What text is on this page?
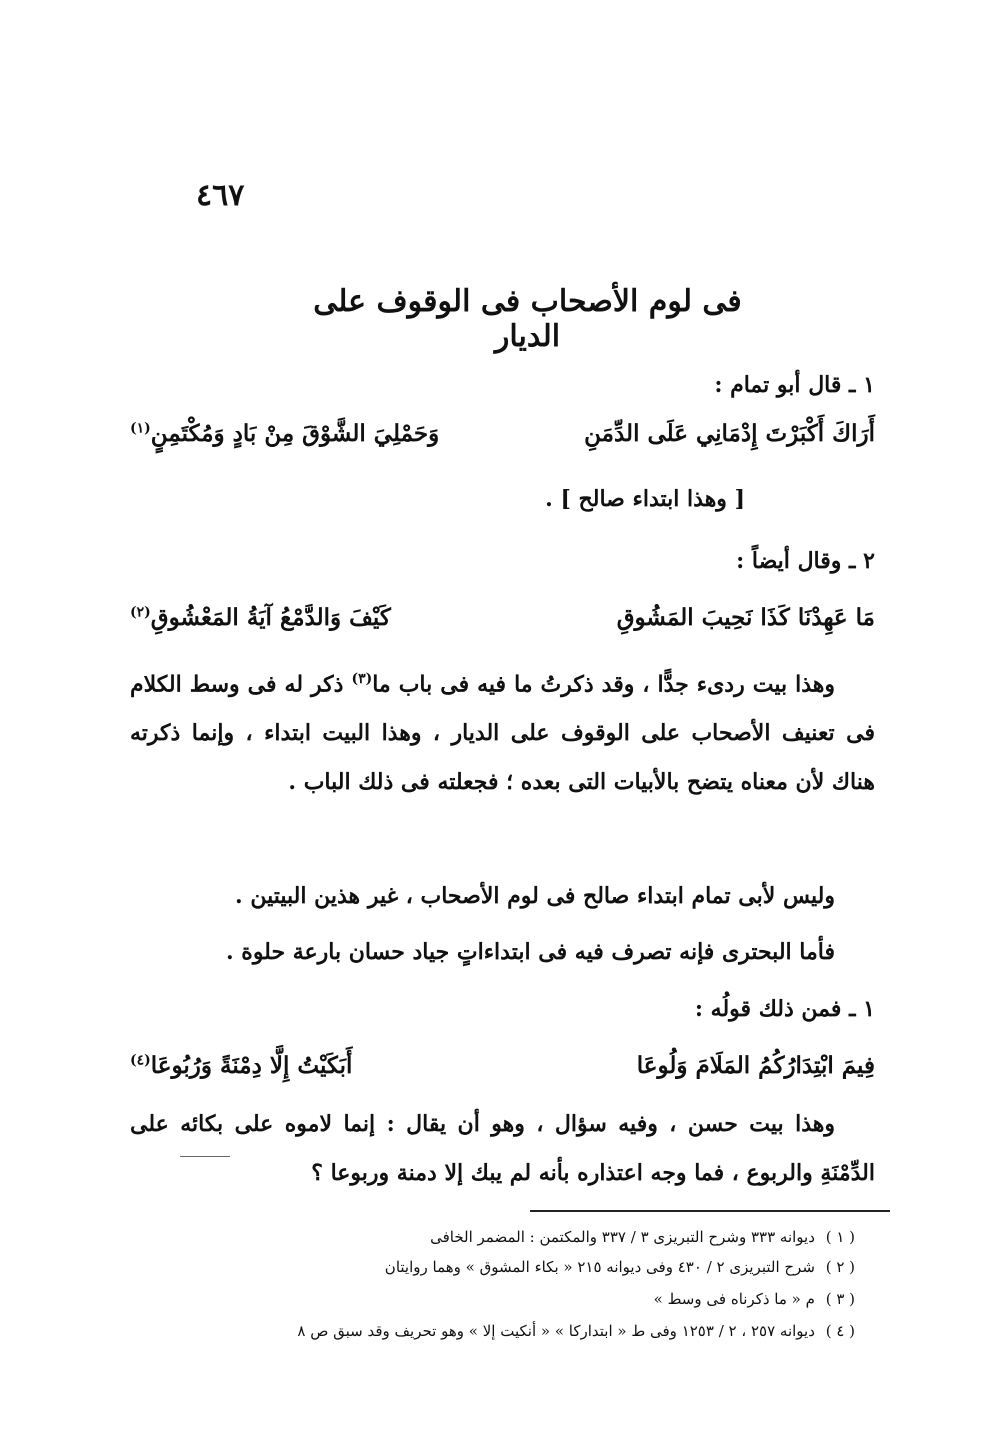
٤٦٧
فى لوم الأصحاب فى الوقوف على الديار
١ ـ قال أبو تمام :
أَرَاكَ أَكْبَرْتَ إِدْمَانِي عَلَى الدِّمَنِ
وَحَمْلِيَ الشَّوْقَ مِنْ بَادٍ وَمُكْتَمِنٍ$^{(١)}$
[ وهذا ابتداء صالح ] .
٢ ـ وقال أيضاً :
مَا عَهِدْنَا كَذَا نَحِيبَ المَشُوقِ
كَيْفَ وَالدَّمْعُ آيَةُ المَعْشُوقِ$^{(٢)}$
وهذا بيت ردىء جدًّا ، وقد ذكرتُ ما فيه فى باب ما$^{(٣)}$ ذكر له فى وسط الكلام فى تعنيف الأصحاب على الوقوف على الديار ، وهذا البيت ابتداء ، وإنما ذكرته هناك لأن معناه يتضح بالأبيات التى بعده ؛ فجعلته فى ذلك الباب .
وليس لأبى تمام ابتداء صالح فى لوم الأصحاب ، غير هذين البيتين .
فأما البحترى فإنه تصرف فيه فى ابتداءاتٍ جياد حسان بارعة حلوة .
١ ـ فمن ذلك قولُه :
فِيمَ ابْتِدَارُكُمُ المَلَامَ وَلُوعَا
أَبَكَيْتُ إِلَّا دِمْنَةً وَرُبُوعَا$^{(٤)}$
وهذا بيت حسن ، وفيه سؤال ، وهو أن يقال : إنما لاموه على بكائه على الدِّمْنَةِ والربوع ، فما وجه اعتذاره بأنه لم يبك إلا دمنة وربوعا ؟
( ١ ) ديوانه ٣٣٣ وشرح التبريزى ٣ / ٣٣٧ والمكتمن : المضمر الخافى
( ٢ ) شرح التبريزى ٢ / ٤٣٠ وفى ديوانه ٢١٥ « بكاء المشوق » وهما روايتان
( ٣ ) م « ما ذكرناه فى وسط »
( ٤ ) ديوانه ٢٥٧ ، ٢ / ١٢٥٣ وفى ط « ابتداركا » « أنكيت إلا » وهو تحريف وقد سبق ص ٨
